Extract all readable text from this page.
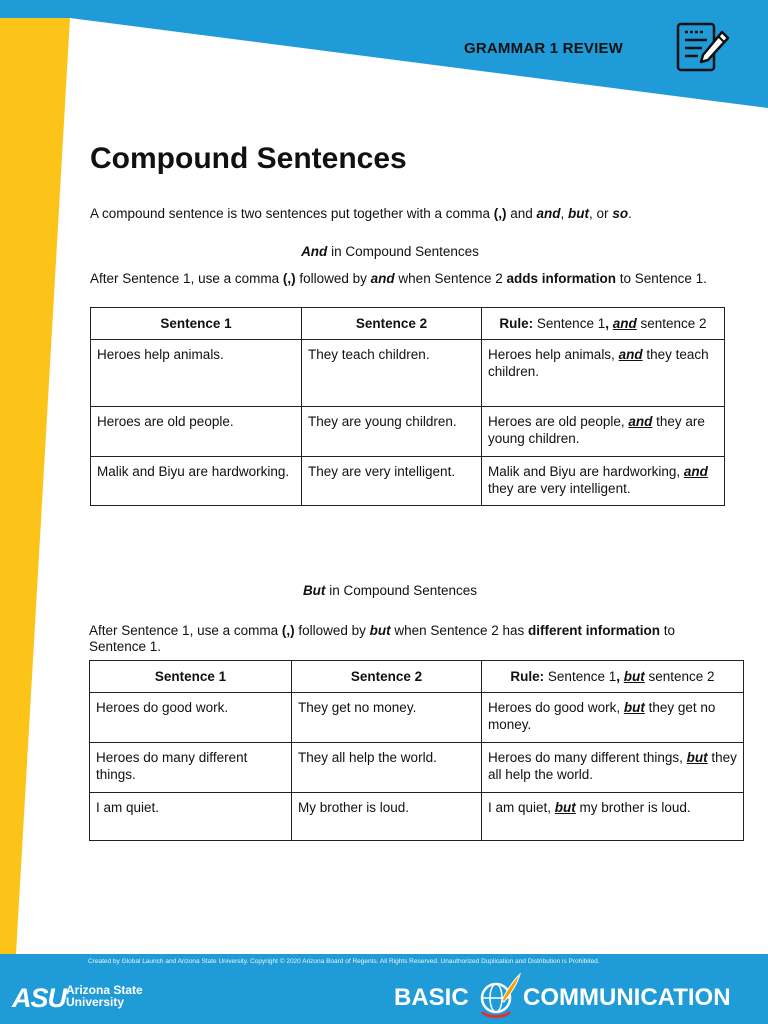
GRAMMAR 1 REVIEW
Compound Sentences
A compound sentence is two sentences put together with a comma (,) and and, but, or so.
And in Compound Sentences
After Sentence 1, use a comma (,) followed by and when Sentence 2 adds information to Sentence 1.
Sentence 1	Sentence 2	Rule: Sentence 1, and sentence 2
Heroes help animals.	They teach children.	Heroes help animals, and they teach children.
Heroes are old people.	They are young children.	Heroes are old people, and they are young children.
Malik and Biyu are hardworking.	They are very intelligent.	Malik and Biyu are hardworking, and they are very intelligent.
But in Compound Sentences
After Sentence 1, use a comma (,) followed by but when Sentence 2 has different information to Sentence 1.
Sentence 1	Sentence 2	Rule: Sentence 1, but sentence 2
Heroes do good work.	They get no money.	Heroes do good work, but they get no money.
Heroes do many different things.	They all help the world.	Heroes do many different things, but they all help the world.
I am quiet.	My brother is loud.	I am quiet, but my brother is loud.
Created by Global Launch and Arizona State University. Copyright © 2020 Arizona Board of Regents. All Rights Reserved. Unauthorized Duplication and Distribution is Prohibited.
ASU Arizona State
University	BASIC COMMUNICATION
